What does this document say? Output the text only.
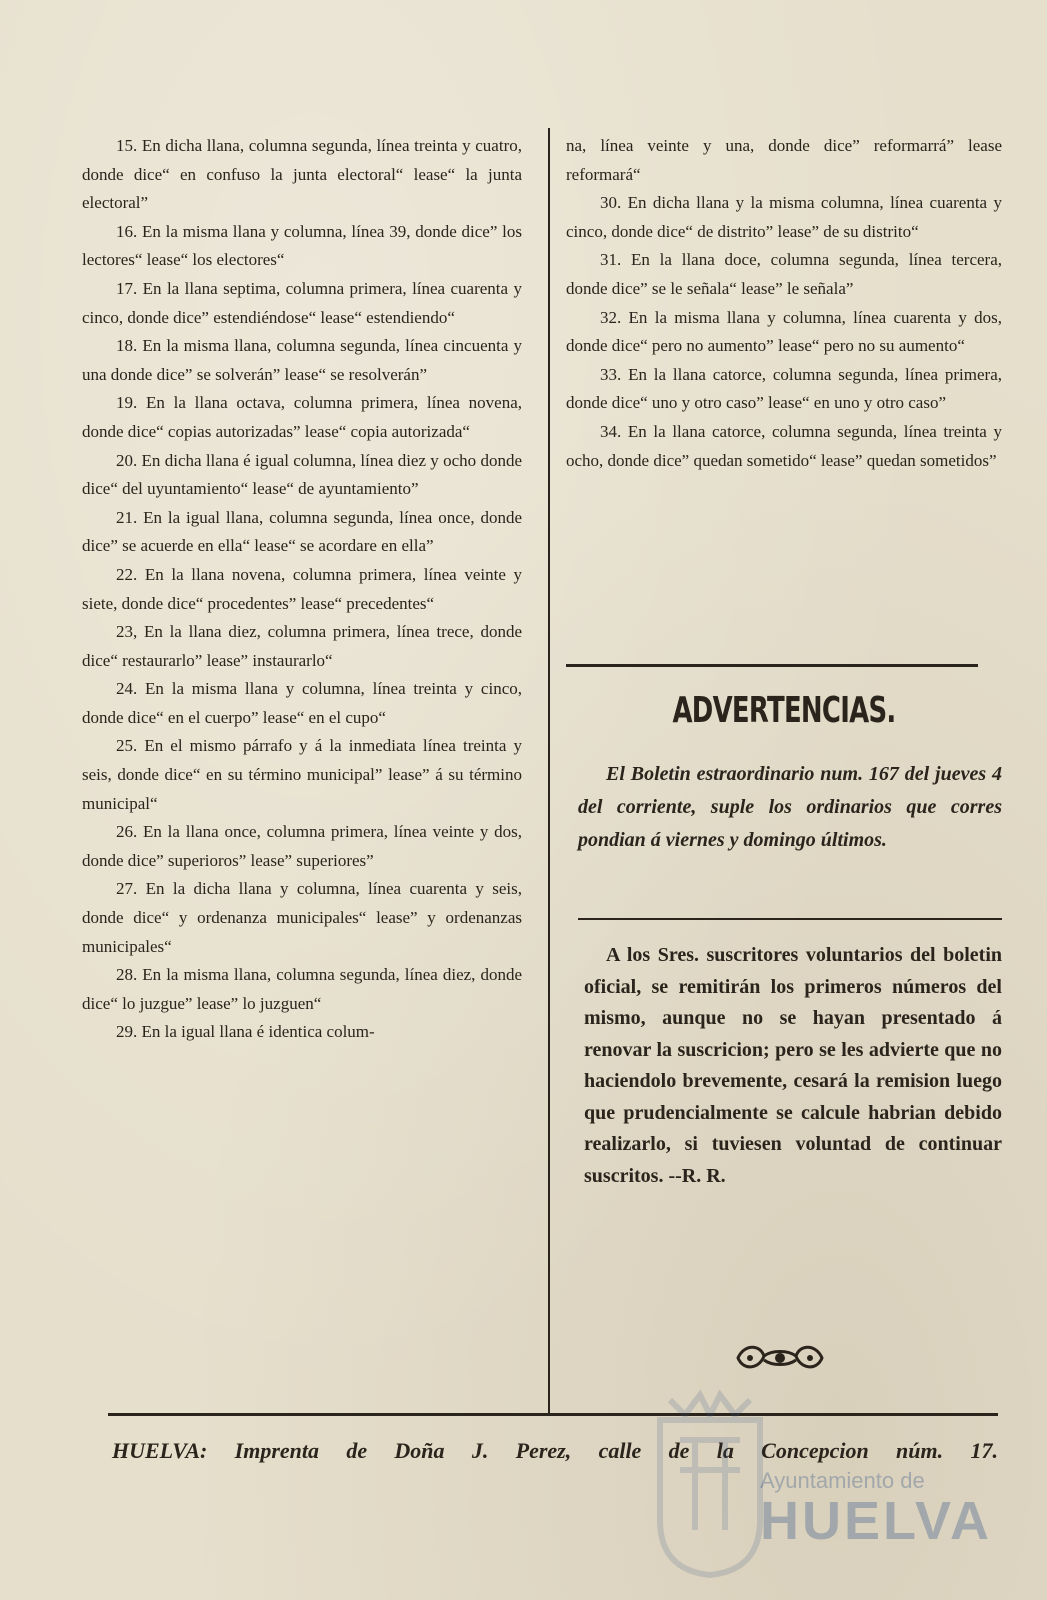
15. En dicha llana, columna segunda, línea treinta y cuatro, donde dice“ en confuso la junta electoral“ lease“ la junta electoral”

16. En la misma llana y columna, línea 39, donde dice” los lectores“ lease“ los electores“

17. En la llana septima, columna primera, línea cuarenta y cinco, donde dice” estendiéndose“ lease“ estendiendo“

18. En la misma llana, columna segunda, línea cincuenta y una donde dice” se solverán” lease“ se resolverán”

19. En la llana octava, columna primera, línea novena, donde dice“ copias autorizadas” lease“ copia autorizada“

20. En dicha llana é igual columna, línea diez y ocho donde dice“ del uyuntamiento“ lease“ de ayuntamiento”

21. En la igual llana, columna segunda, línea once, donde dice” se acuerde en ella“ lease“ se acordare en ella”

22. En la llana novena, columna primera, línea veinte y siete, donde dice“ procedentes” lease“ precedentes“

23, En la llana diez, columna primera, línea trece, donde dice“ restaurarlo” lease” instaurarlo“

24. En la misma llana y columna, línea treinta y cinco, donde dice“ en el cuerpo” lease“ en el cupo“

25. En el mismo párrafo y á la inmediata línea treinta y seis, donde dice“ en su término municipal” lease” á su término municipal“

26. En la llana once, columna primera, línea veinte y dos, donde dice” superioros” lease” superiores”

27. En la dicha llana y columna, línea cuarenta y seis, donde dice“ y ordenanza municipales“ lease” y ordenanzas municipales“

28. En la misma llana, columna segunda, línea diez, donde dice“ lo juzgue” lease” lo juzguen“

29. En la igual llana é identica colum-

na, línea veinte y una, donde dice” reformarrá” lease reformará“

30. En dicha llana y la misma columna, línea cuarenta y cinco, donde dice“ de distrito” lease” de su distrito“

31. En la llana doce, columna segunda, línea tercera, donde dice” se le señala“ lease” le señala”

32. En la misma llana y columna, línea cuarenta y dos, donde dice“ pero no aumento” lease“ pero no su aumento“

33. En la llana catorce, columna segunda, línea primera, donde dice“ uno y otro caso” lease“ en uno y otro caso”

34. En la llana catorce, columna segunda, línea treinta y ocho, donde dice” quedan sometido“ lease” quedan sometidos”

ADVERTENCIAS.
El Boletin estraordinario num. 167 del jueves 4 del corriente, suple los ordinarios que corres pondian á viernes y domingo últimos.
A los Sres. suscritores voluntarios del boletin oficial, se remitirán los primeros números del mismo, aunque no se hayan presentado á renovar la suscricion; pero se les advierte que no haciendolo brevemente, cesará la remision luego que prudencialmente se calcule habrian debido realizarlo, si tuviesen voluntad de continuar suscritos. --R. R.
HUELVA: Imprenta de Doña J. Perez, calle de la Concepcion núm. 17.
Ayuntamiento de
HUELVA
